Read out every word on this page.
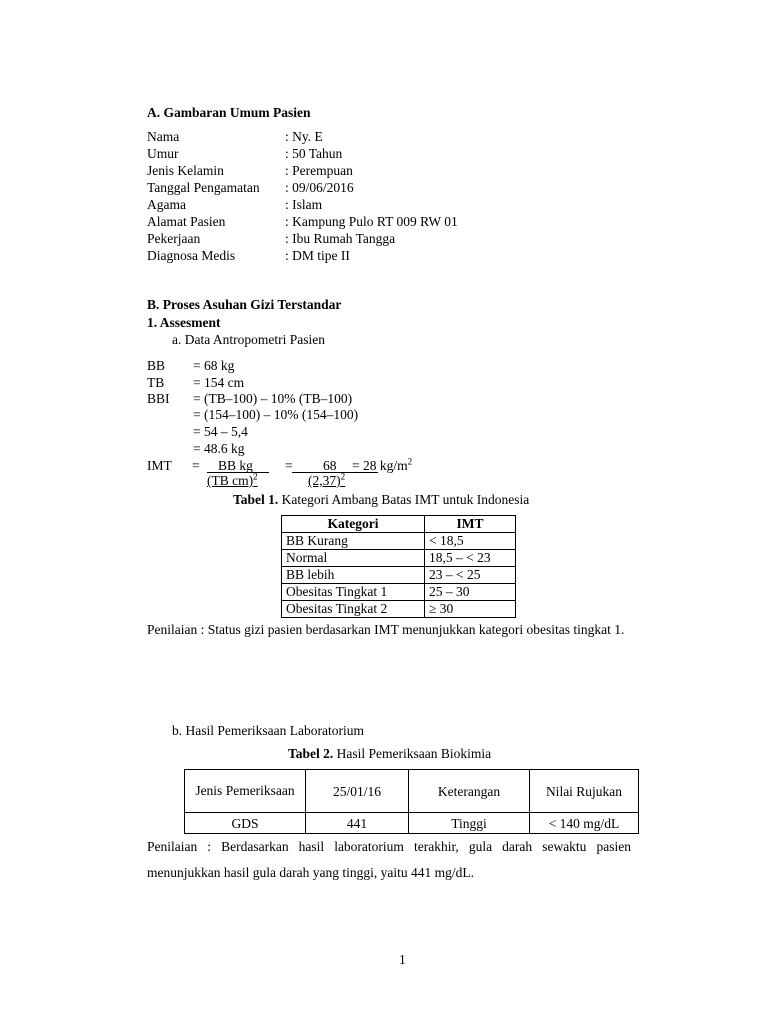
A. Gambaran Umum Pasien
Nama	: Ny. E
Umur	: 50 Tahun
Jenis Kelamin	: Perempuan
Tanggal Pengamatan : 09/06/2016
Agama	: Islam
Alamat Pasien	: Kampung Pulo RT 009 RW 01
Pekerjaan	: Ibu Rumah Tangga
Diagnosa Medis	: DM tipe II
B. Proses Asuhan Gizi Terstandar
1. Assesment
a. Data Antropometri Pasien
BB = 68 kg
TB = 154 cm
BBI = (TB–100) – 10% (TB–100)
= (154–100) – 10% (154–100)
= 54 – 5,4
= 48.6 kg
IMT = BB kg = 68 = 28 $kg/m^2$
(TB cm)$^2$	$(2,37)^2$
Tabel 1. Kategori Ambang Batas IMT untuk Indonesia
Kategori	IMT
BB Kurang	< 18,5
Normal	18,5 – < 23
BB lebih	23 – < 25
Obesitas Tingkat 1	25 – 30
Obesitas Tingkat 2	≥ 30
Penilaian : Status gizi pasien berdasarkan IMT menunjukkan kategori obesitas tingkat 1.
b. Hasil Pemeriksaan Laboratorium
Tabel 2. Hasil Pemeriksaan Biokimia
Jenis Pemeriksaan	25/01/16	Keterangan	Nilai Rujukan
GDS	441	Tinggi	< 140 mg/dL
Penilaian : Berdasarkan hasil laboratorium terakhir, gula darah sewaktu pasien menunjukkan hasil gula darah yang tinggi, yaitu 441 mg/dL.
1
